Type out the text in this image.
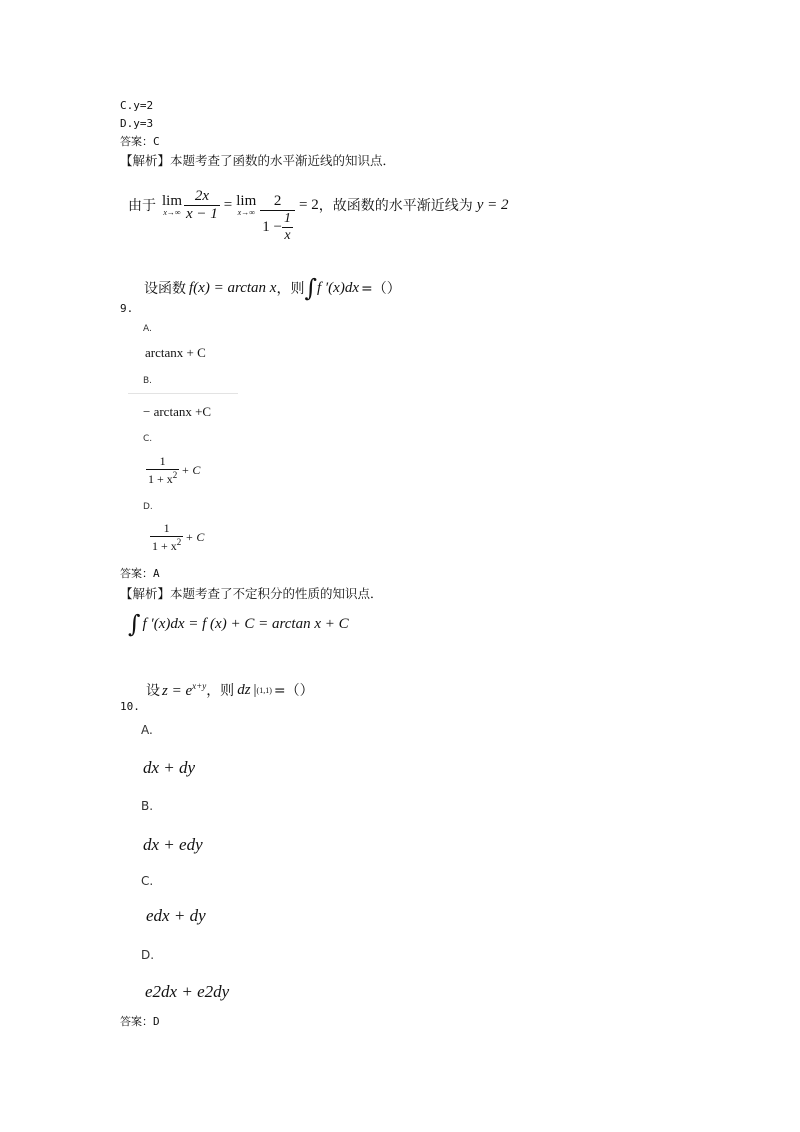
C.y=2
D.y=3
答案：C
【解析】本题考查了函数的水平渐近线的知识点．
由于 lim
$x\to\infty \frac{2x}{x - 1} = \lim$
$x\to\infty \frac{2}{1 - \frac{1}{x}} = 2$ ，故函数的水平渐近线为 y = 2
设函数 f(x) = arctan x ，则 ∫ f ′(x)dx =（）
9.
A.
arctanx + C
B.
− arctanx +C
C.
$\frac{1}{1 + x^2} + C$
D.
$\frac{1}{1 + x^2} + C$
答案：A
【解析】本题考查了不定积分的性质的知识点．
∫ f ′(x)dx = f (x) + C = arctan x + C
设 $z = e^{x+y}$ ，则 dz | (1,1) =（）
10.
A.
dx + dy
B.
dx + edy
C.
edx + dy
D.
e2dx + e2dy
答案：D
